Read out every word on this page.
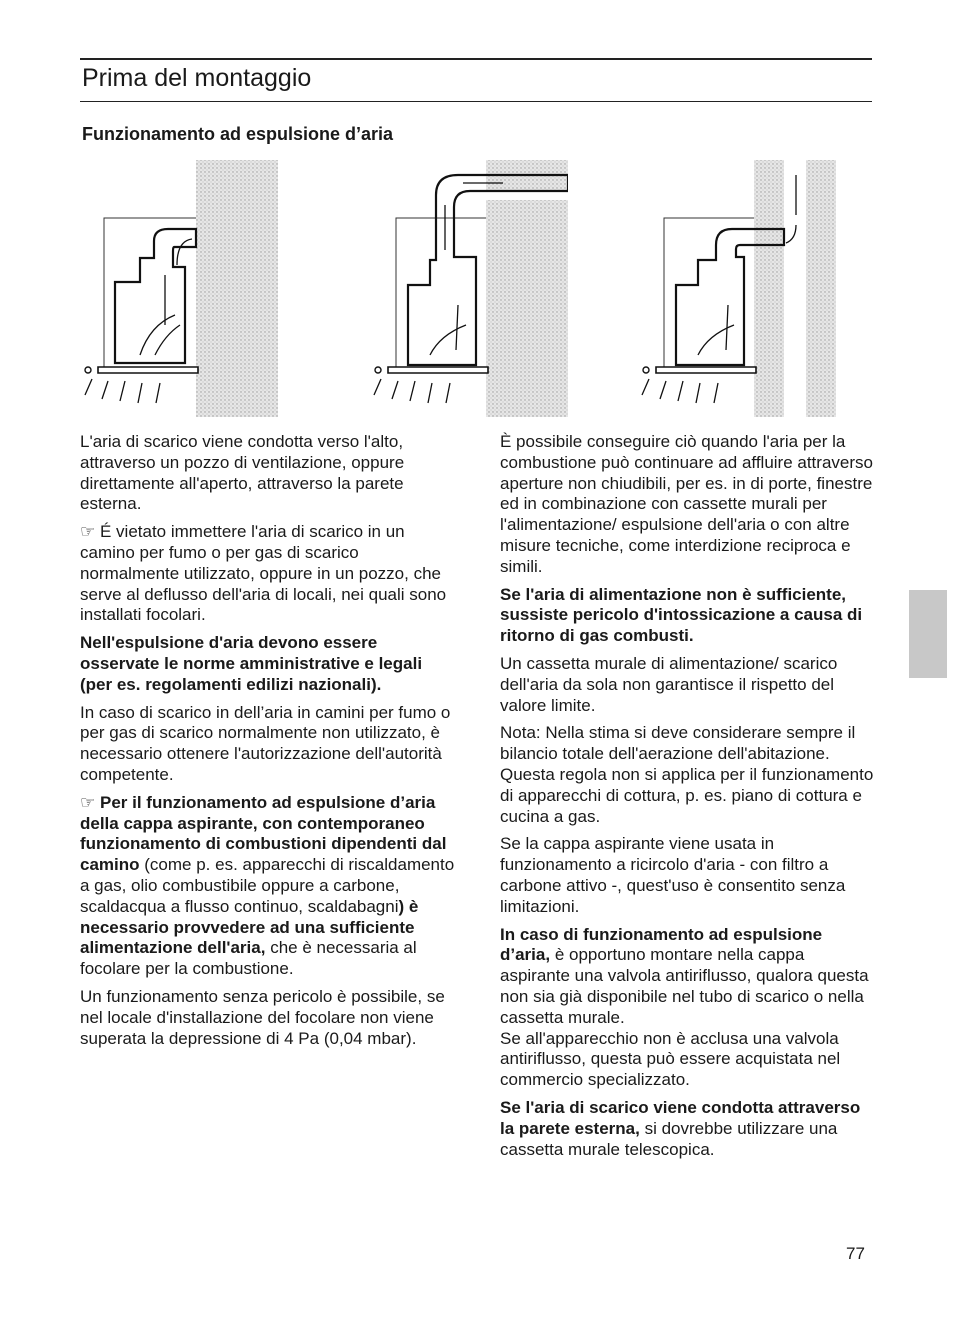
Prima del montaggio
Funzionamento ad espulsione d’aria

L'aria di scarico viene condotta verso l'alto, attraverso un pozzo di ventilazione, oppure direttamente all'aperto, attraverso la parete esterna.

☞ É vietato immettere l'aria di scarico in un camino per fumo o per gas di scarico normalmente utilizzato, oppure in un pozzo, che serve al deflusso dell'aria di locali, nei quali sono installati focolari.

Nell'espulsione d'aria devono essere osservate le norme amministrative e legali (per es. regolamenti edilizi nazionali).

In caso di scarico in dell’aria in camini per fumo o per gas di scarico normalmente non utilizzato, è necessario ottenere l'autorizzazione dell'autorità competente.

☞ Per il funzionamento ad espulsione d’aria della cappa aspirante, con contemporaneo funzionamento di combustioni dipendenti dal camino (come p. es. apparecchi di riscaldamento a gas, olio combustibile oppure a carbone, scaldacqua a flusso continuo, scaldabagni) è necessario provvedere ad una sufficiente alimentazione dell'aria, che è necessaria al focolare per la combustione.

Un funzionamento senza pericolo è possibile, se nel locale d'installazione del focolare non viene superata la depressione di 4 Pa (0,04 mbar).

È possibile conseguire ciò quando l'aria per la combustione può continuare ad affluire attraverso aperture non chiudibili, per es. in di porte, finestre ed in combinazione con cassette murali per l'alimentazione/ espulsione dell'aria o con altre misure tecniche, come interdizione reciproca e simili.

Se l'aria di alimentazione non è sufficiente, sussiste pericolo d'intossicazione a causa di ritorno di gas combusti.

Un cassetta murale di alimentazione/ scarico dell'aria da sola non garantisce il rispetto del valore limite.

Nota: Nella stima si deve considerare sempre il bilancio totale dell'aerazione dell'abitazione. Questa regola non si applica per il funzionamento di apparecchi di cottura, p. es. piano di cottura e cucina a gas.

Se la cappa aspirante viene usata in funzionamento a ricircolo d'aria - con filtro a carbone attivo -, quest'uso è consentito senza limitazioni.

In caso di funzionamento ad espulsione d’aria, è opportuno montare nella cappa aspirante una valvola antiriflusso, qualora questa non sia già disponibile nel tubo di scarico o nella cassetta murale.
Se all'apparecchio non è acclusa una valvola antiriflusso, questa può essere acquistata nel commercio specializzato.

Se l'aria di scarico viene condotta attraverso la parete esterna, si dovrebbe utilizzare una cassetta murale telescopica.

77
